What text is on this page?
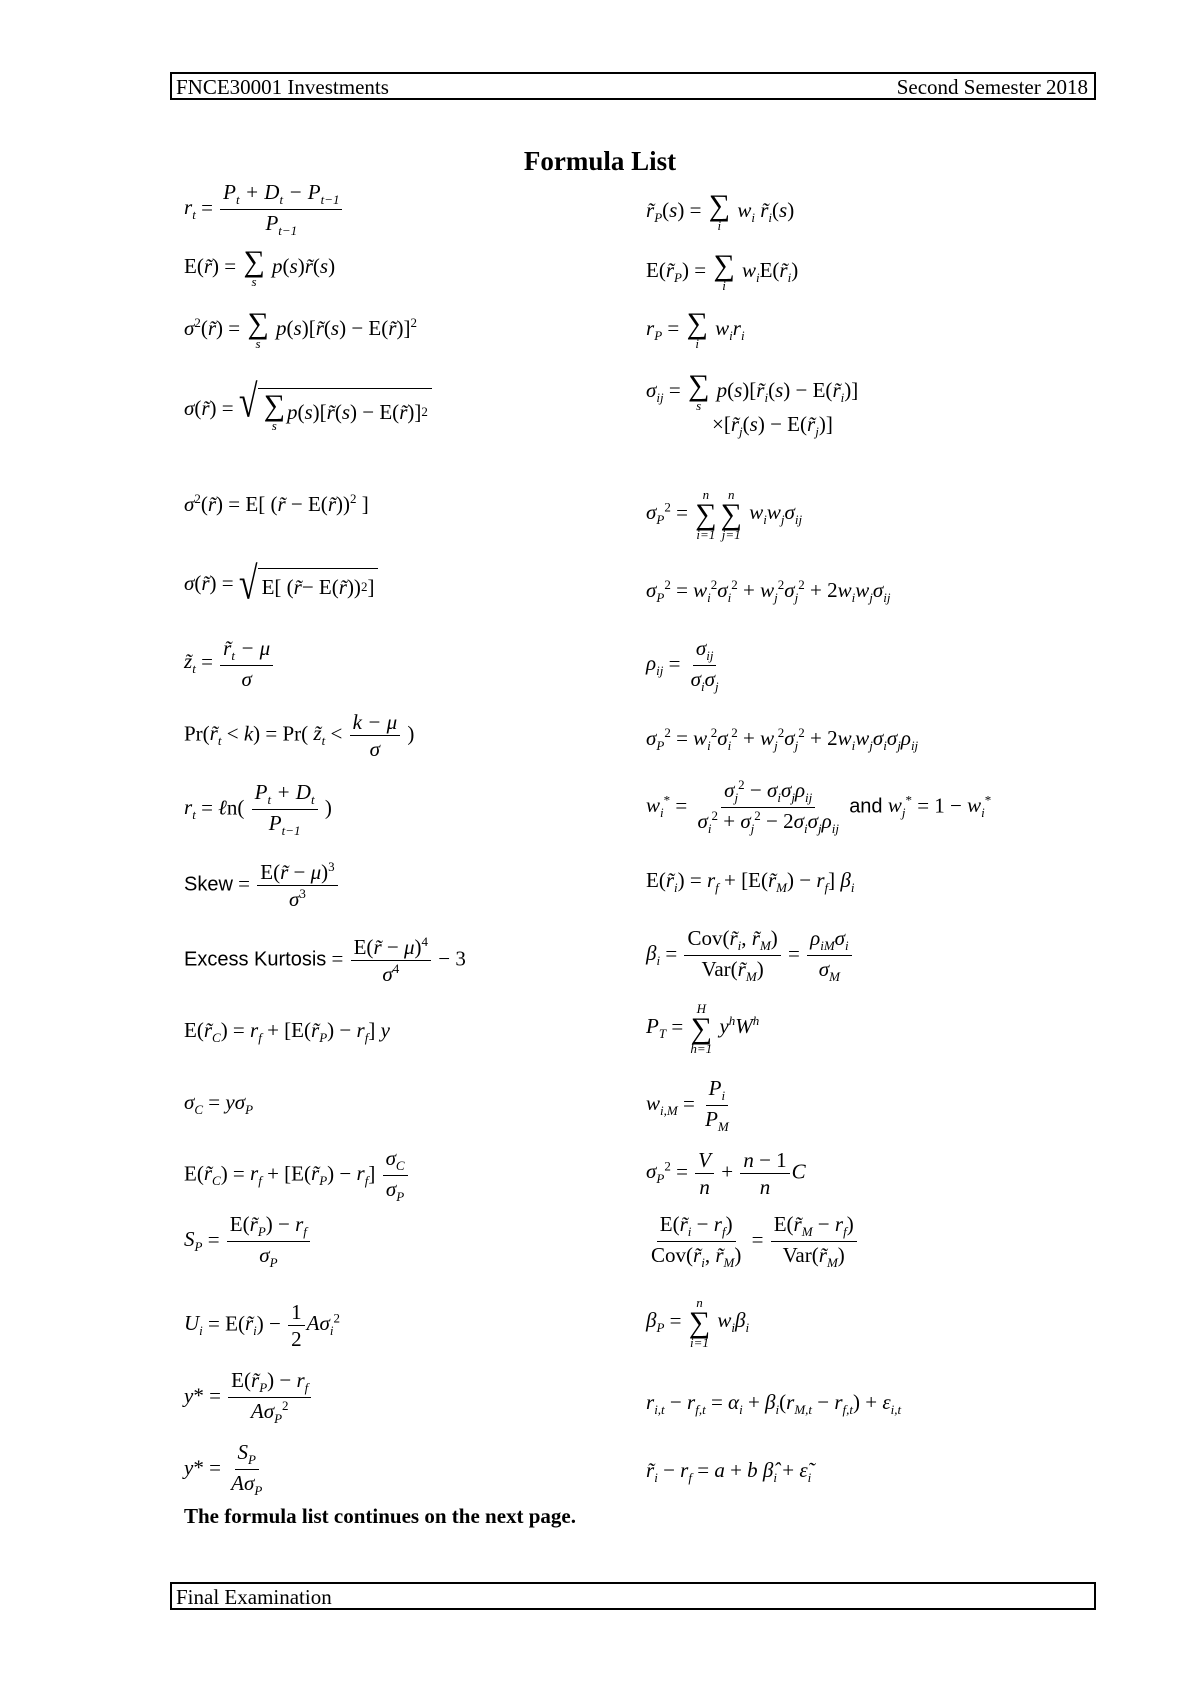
FNCE30001 Investments	Second Semester 2018
Formula List
$r_t = \frac{P_t + D_t - P_{t-1}}{P_{t-1}}$
E(r̃) = ∑
s
p(s)r̃(s)
$\sigma^2(r̃)$ = ∑
s
p(s)[r̃(s) − E(r̃)]$^2$
σ(r̃) = √ ∑
s
p ( s )[ r̃ ( s ) − E( r̃ )] 2
$\sigma^2(r̃) = E$[ (r̃ − E(r̃))$^2$ ]
σ(r̃) = √ E[ ( r̃ − E( r̃ )) 2 ]
$z̃_t = \frac{r̃_t - \mu}{\sigma}$
$Pr(r̃_t < k) = Pr$( $z̃_t < \frac{k - \mu}{\sigma}$ )
$r_t$ = ℓn( $\frac{P_t + D_t}{P_{t-1}}$ )
Skew = $\frac{E(r̃ - \mu)^3}{\sigma^3}$
Excess Kurtosis = $\frac{E(r̃ - \mu)^4}{\sigma^4} - 3$
$E(r̃_C) = r_f$ + $[E(r̃_P) - r_f]$ y
$\sigma_C = y\sigma_P$
$E(r̃_C) = r_f$ + $[E(r̃_P) - r_f] \frac{\sigma_C}{\sigma_P}$
$S_P = \frac{E(r̃_P) - r_f}{\sigma_P}$
$U_i$ = $E(r̃_i) - \frac{1}{2} A\sigma_i^2$
$y* = \frac{E(r̃_P) - r_f}{A\sigma_P^2}$
$y* = \frac{S_P}{A\sigma_P}$
$r̃_P(s)$ = ∑
i
$w_i$ $r̃_i(s)$
$E(r̃_P)$ = ∑
i
$w_iE(r̃_i)$
$r_P$ = ∑
i
$w_ir_i$
$\sigma_{ij}$ = ∑
s
$p(s)[r̃_i(s)$ − $E(r̃_i)$]
$\times[r̃_j(s)$ − $E(r̃_j)$]
$\sigma_P^2$ =
n
∑
i=1
n
∑
j=1
$w_iw_j\sigma_{ij}$
$\sigma_P^2 = w_i^2\sigma_i^2 + w_j^2\sigma_j^2 + 2w_iw_j\sigma_{ij}$
$\rho_{ij} = \frac{\sigma_{ij}}{\sigma_i\sigma_j}$
$\sigma_P^2 = w_i^2\sigma_i^2 + w_j^2\sigma_j^2 + 2w_iw_j\sigma_i\sigma_j\rho_{ij}$
$w_i^* = \frac{\sigma_j^2 - \sigma_i\sigma_j\rho_{ij}}{\sigma_i^2 + \sigma_j^2 - 2\sigma_i\sigma_j\rho_{ij}}$ and $w_j^* = 1 - w_i^*$
$E(r̃_i) = r_f$ + $[E(r̃_M) - r_f]$ $\beta_i$
$\beta_i = \frac{Cov(r̃_i, r̃_M)}{Var(r̃_M)} = \frac{\rho_{iM}\sigma_i}{\sigma_M}$
$P_T$ =
H
∑
h=1
$y^hW^h$
$w_{i,M} = \frac{P_i}{P_M}$
$\sigma_P^2 = \frac{V}{n} + \frac{n - 1}{n}$ C
$\frac{E(r̃_i - r_f)}{Cov(r̃_i, r̃_M)} = \frac{E(r̃_M - r_f)}{Var(r̃_M)}$
$\beta_P$ =
n
∑
i=1
$w_i\beta_i$
$r_{i,t} - r_{f,t} = \alpha_i + \beta_i(r_{M,t} - r_{f,t}) + \varepsilon_{i,t}$
$r̃_i - r_f = a + b$ $\betâ_i$ + $\varepsiloñ_i$
The formula list continues on the next page.
Final Examination
